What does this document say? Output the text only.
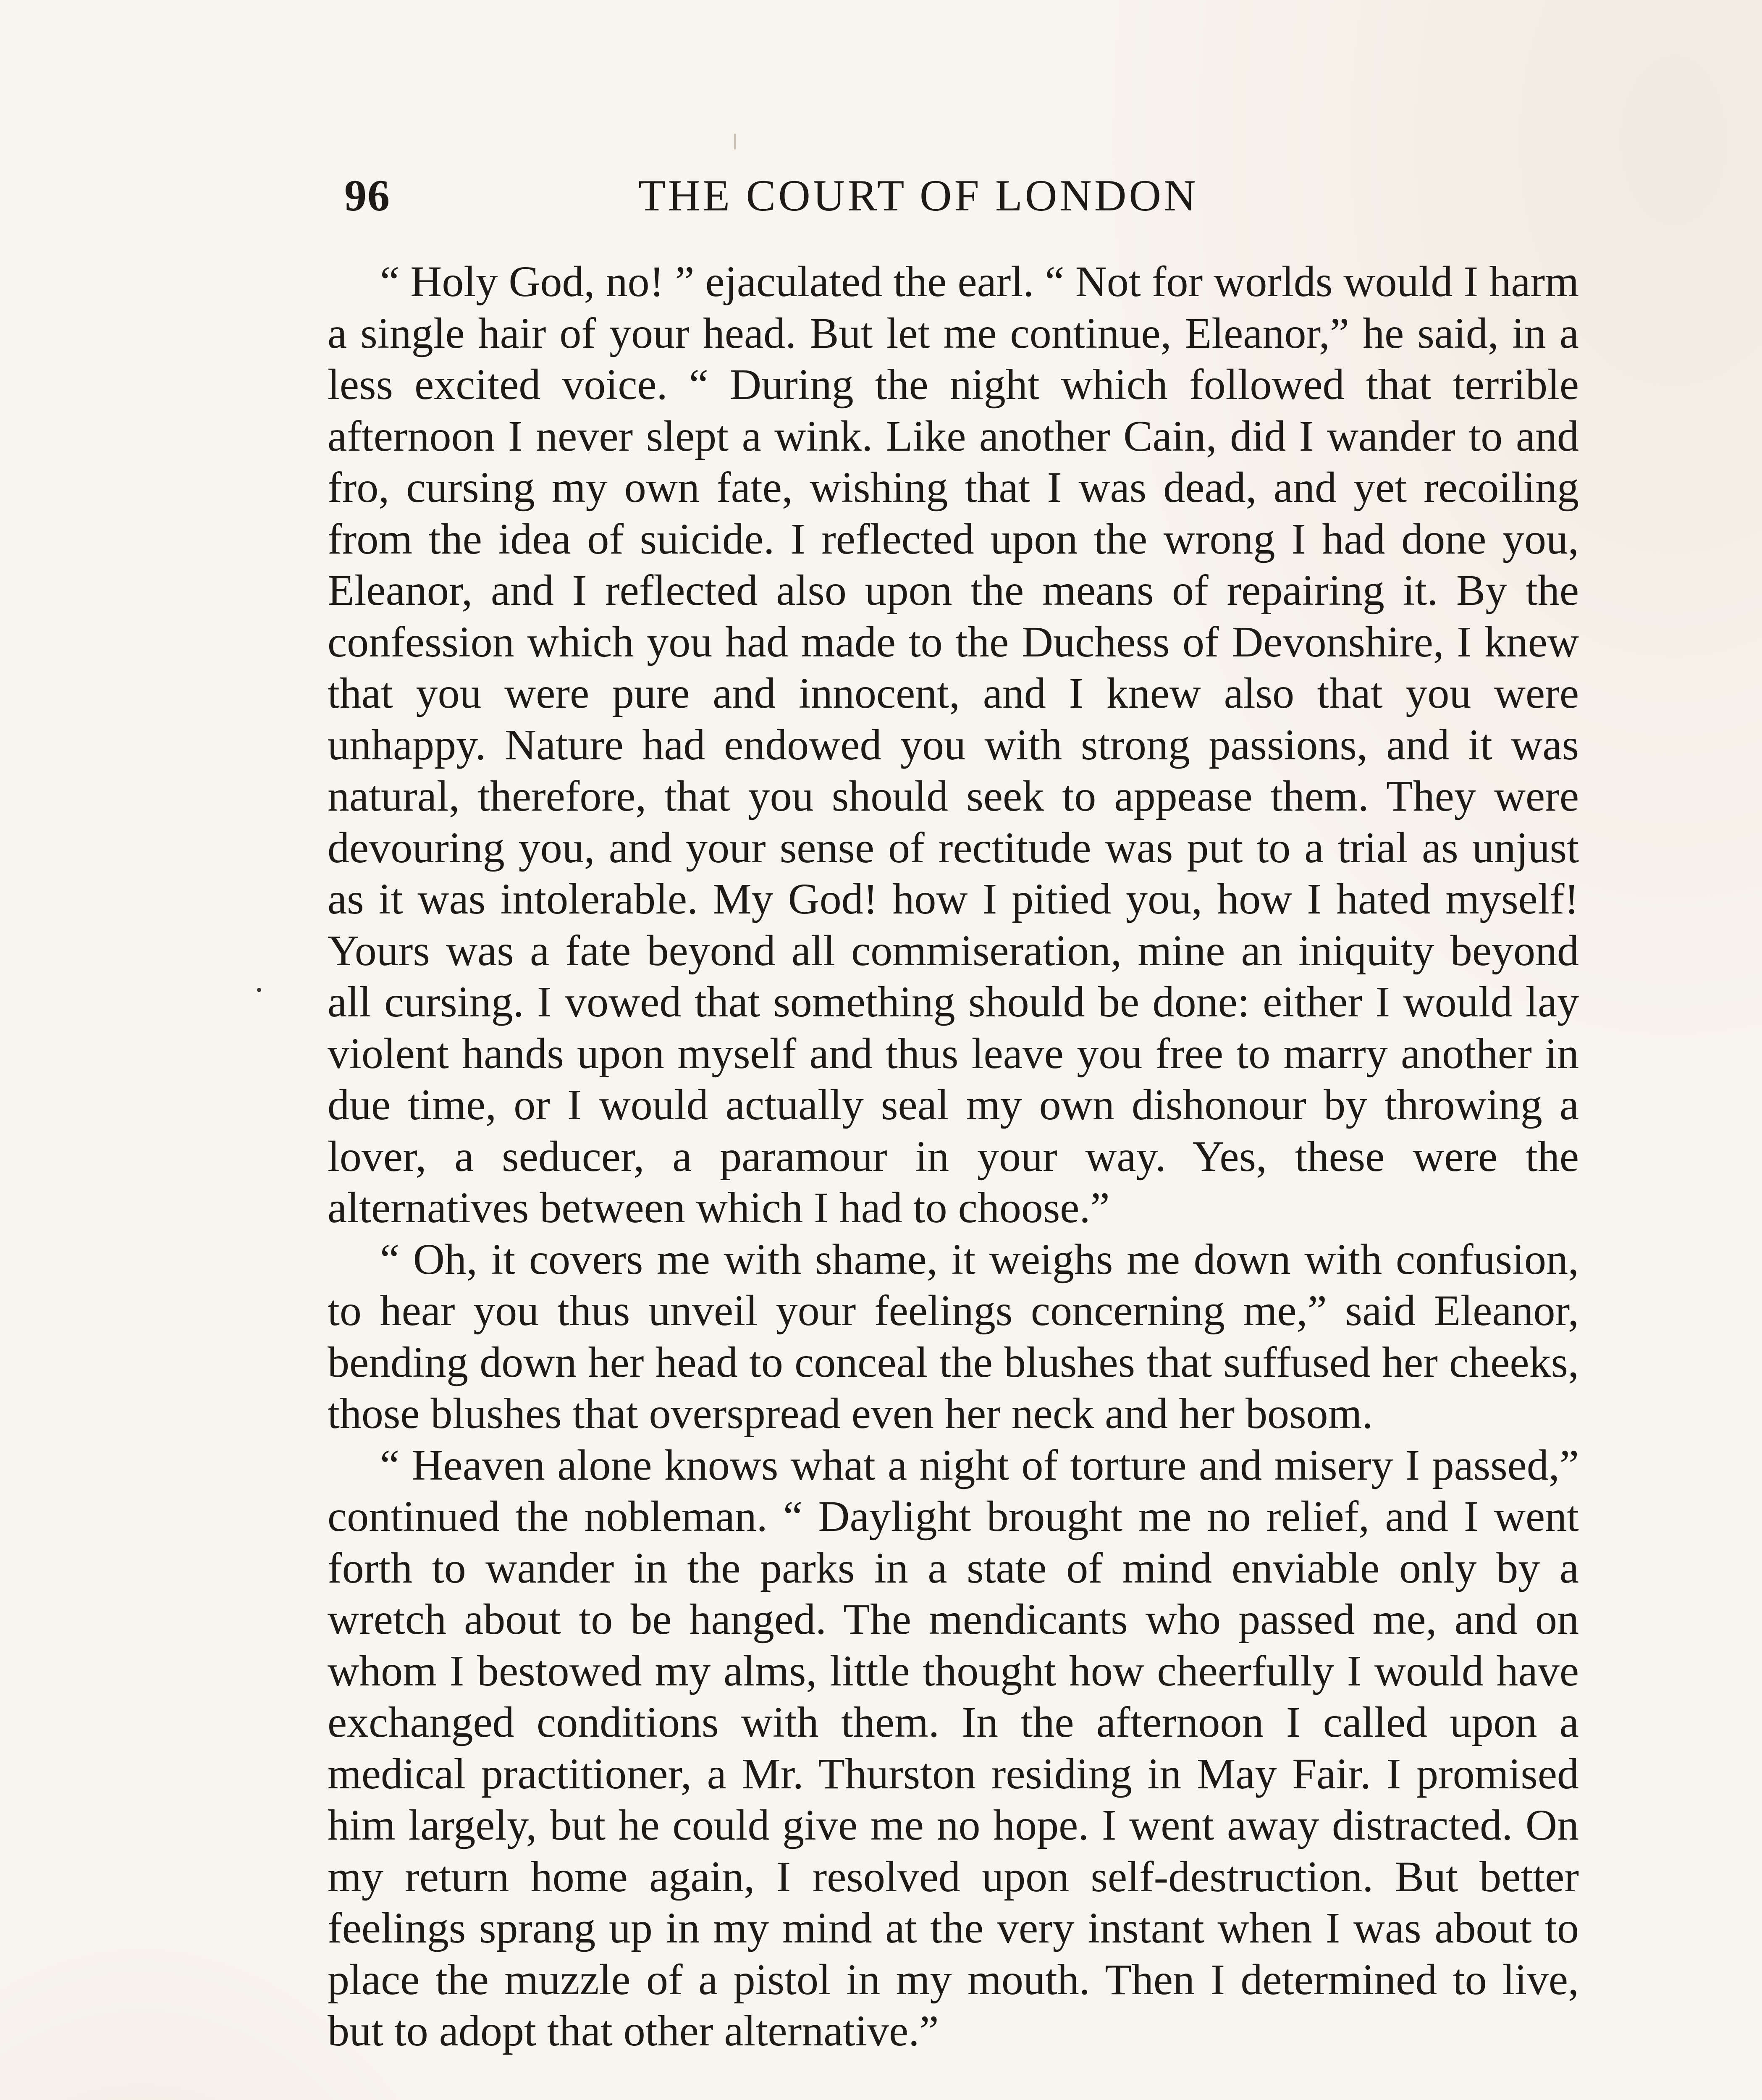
96	THE COURT OF LONDON

“ Holy God, no! ” ejaculated the earl. “ Not for worlds would I harm a single hair of your head. But let me continue, Eleanor,” he said, in a less excited voice. “ During the night which followed that terrible afternoon I never slept a wink. Like another Cain, did I wander to and fro, cursing my own fate, wishing that I was dead, and yet recoiling from the idea of suicide. I reflected upon the wrong I had done you, Eleanor, and I reflected also upon the means of repairing it. By the confession which you had made to the Duchess of Devonshire, I knew that you were pure and innocent, and I knew also that you were unhappy. Nature had endowed you with strong passions, and it was natural, therefore, that you should seek to appease them. They were devouring you, and your sense of rectitude was put to a trial as unjust as it was intolerable. My God! how I pitied you, how I hated myself! Yours was a fate beyond all commiseration, mine an iniquity beyond all cursing. I vowed that something should be done: either I would lay violent hands upon myself and thus leave you free to marry another in due time, or I would actually seal my own dishonour by throwing a lover, a seducer, a paramour in your way. Yes, these were the alternatives between which I had to choose.”

“ Oh, it covers me with shame, it weighs me down with confusion, to hear you thus unveil your feelings concerning me,” said Eleanor, bending down her head to conceal the blushes that suffused her cheeks, those blushes that overspread even her neck and her bosom.

“ Heaven alone knows what a night of torture and misery I passed,” continued the nobleman. “ Daylight brought me no relief, and I went forth to wander in the parks in a state of mind enviable only by a wretch about to be hanged. The mendicants who passed me, and on whom I bestowed my alms, little thought how cheerfully I would have exchanged conditions with them. In the afternoon I called upon a medical practitioner, a Mr. Thurston residing in May Fair. I promised him largely, but he could give me no hope. I went away distracted. On my return home again, I resolved upon self-destruction. But better feelings sprang up in my mind at the very instant when I was about to place the muzzle of a pistol in my mouth. Then I determined to live, but to adopt that other alternative.”
